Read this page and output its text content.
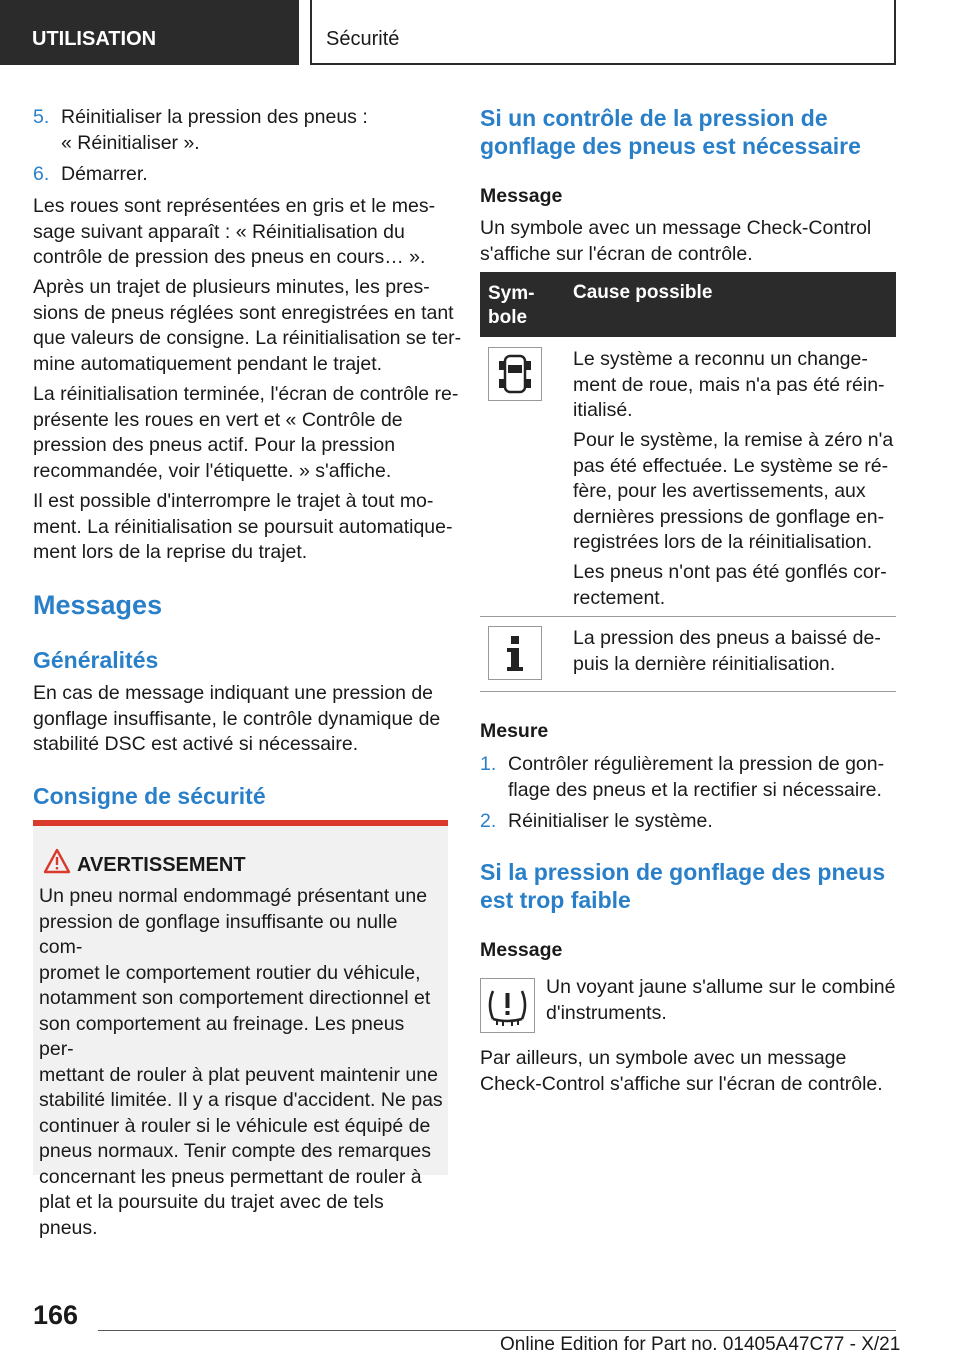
UTILISATION	Sécurité
5. Réinitialiser la pression des pneus :
« Réinitialiser ».
6. Démarrer.
Les roues sont représentées en gris et le mes-
sage suivant apparaît : « Réinitialisation du
contrôle de pression des pneus en cours… ».
Après un trajet de plusieurs minutes, les pres-
sions de pneus réglées sont enregistrées en tant
que valeurs de consigne. La réinitialisation se ter-
mine automatiquement pendant le trajet.
La réinitialisation terminée, l'écran de contrôle re-
présente les roues en vert et « Contrôle de
pression des pneus actif. Pour la pression
recommandée, voir l'étiquette. » s'affiche.
Il est possible d'interrompre le trajet à tout mo-
ment. La réinitialisation se poursuit automatique-
ment lors de la reprise du trajet.
Messages
Généralités
En cas de message indiquant une pression de
gonflage insuffisante, le contrôle dynamique de
stabilité DSC est activé si nécessaire.
Consigne de sécurité
AVERTISSEMENT
Un pneu normal endommagé présentant une
pression de gonflage insuffisante ou nulle com-
promet le comportement routier du véhicule,
notamment son comportement directionnel et
son comportement au freinage. Les pneus per-
mettant de rouler à plat peuvent maintenir une
stabilité limitée. Il y a risque d'accident. Ne pas
continuer à rouler si le véhicule est équipé de
pneus normaux. Tenir compte des remarques
concernant les pneus permettant de rouler à
plat et la poursuite du trajet avec de tels pneus.
Si un contrôle de la pression de
gonflage des pneus est nécessaire
Message
Un symbole avec un message Check-Control
s'affiche sur l'écran de contrôle.
Sym-
bole
Cause possible
Le système a reconnu un change-
ment de roue, mais n'a pas été réin-
itialisé.
Pour le système, la remise à zéro n'a
pas été effectuée. Le système se ré-
fère, pour les avertissements, aux
dernières pressions de gonflage en-
registrées lors de la réinitialisation.
Les pneus n'ont pas été gonflés cor-
rectement.
La pression des pneus a baissé de-
puis la dernière réinitialisation.
Mesure
1. Contrôler régulièrement la pression de gon-
flage des pneus et la rectifier si nécessaire.
2. Réinitialiser le système.
Si la pression de gonflage des pneus
est trop faible
Message
Un voyant jaune s'allume sur le combiné
d'instruments.
Par ailleurs, un symbole avec un message
Check-Control s'affiche sur l'écran de contrôle.
166
Online Edition for Part no. 01405A47C77 - X/21
